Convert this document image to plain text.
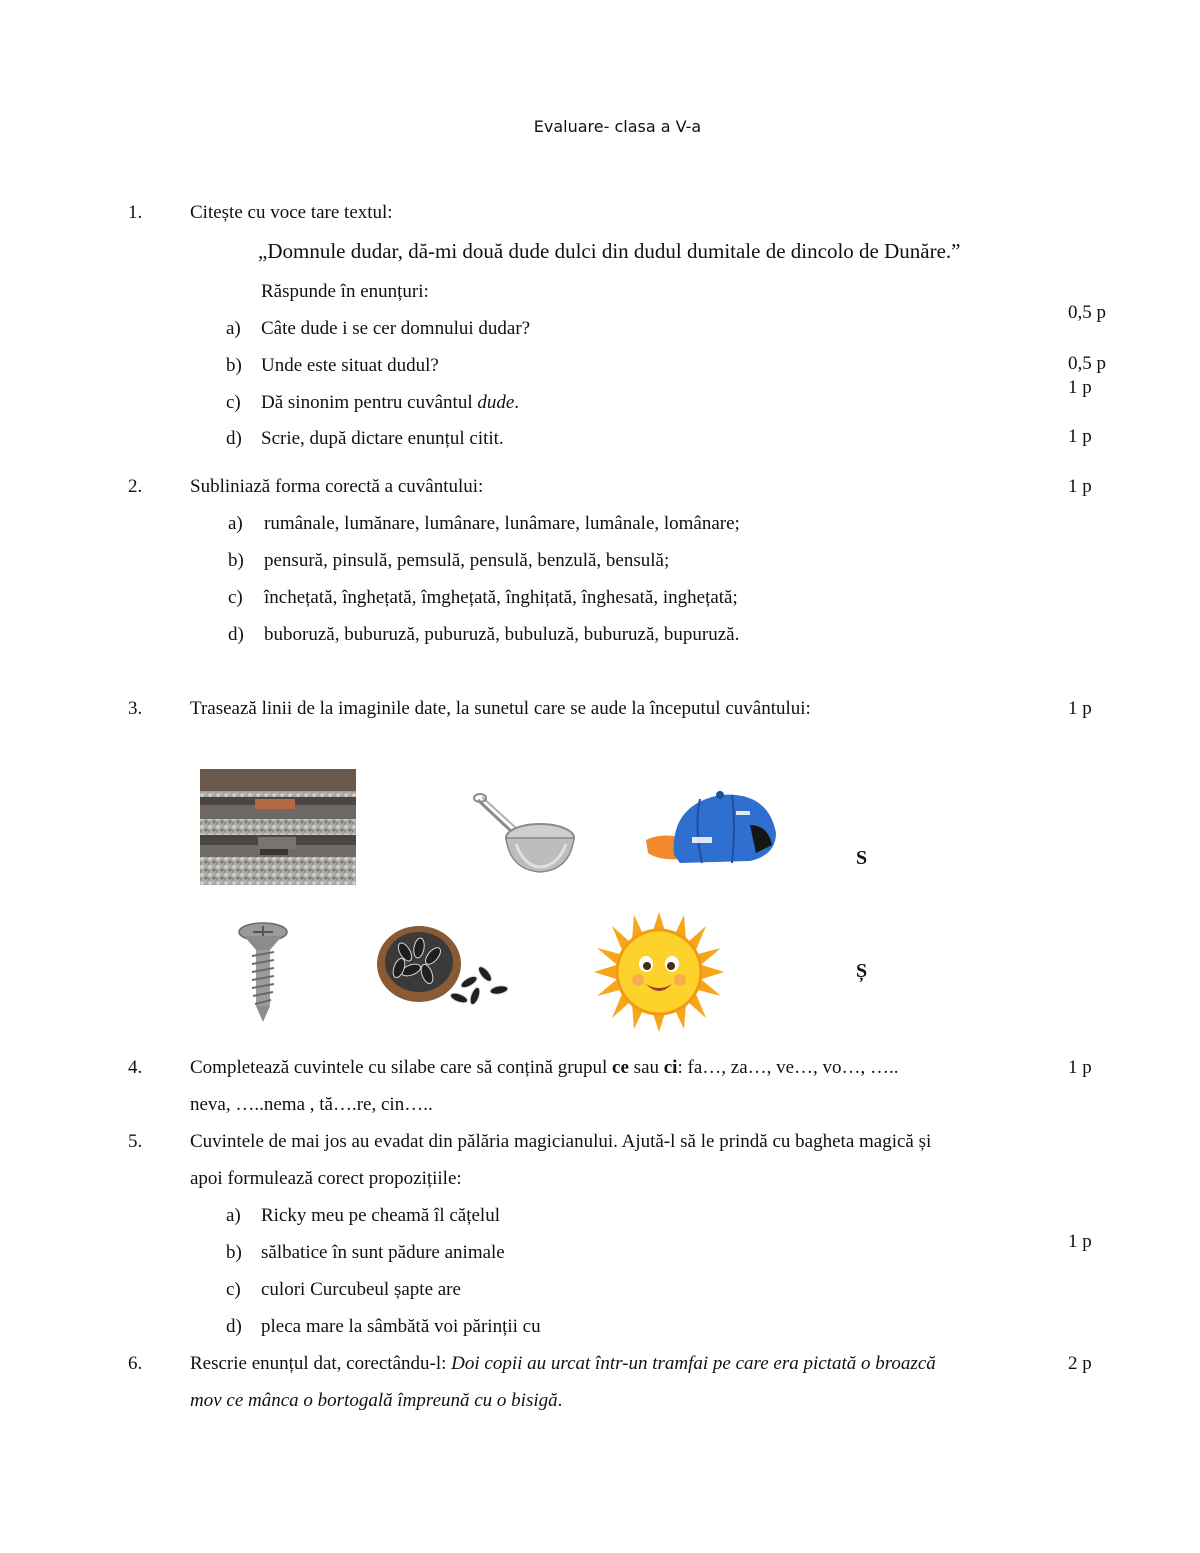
Evaluare- clasa a V-a
1.	Citește cu voce tare textul:
„Domnule dudar, dă-mi două dude dulci din dudul dumitale de dincolo de Dunăre.”
Răspunde în enunțuri:
a) Câte dude i se cer domnului dudar?
0,5 p
b) Unde este situat dudul?	0,5 p
c) Dă sinonim pentru cuvântul dude.
1 p
d) Scrie, după dictare enunțul citit.	1 p
2.	Subliniază forma corectă a cuvântului:	1 p
a) rumânale, lumănare, lumânare, lunâmare, lumânale, lomânare;
b) pensură, pinsulă, pemsulă, pensulă, benzulă, bensulă;
c) închețată, înghețată, îmghețată, înghițată, înghesată, inghețată;
d) buboruză, buburuză, puburuză, bubuluză, buburuză, bupuruză.
3.	Trasează linii de la imaginile date, la sunetul care se aude la începutul cuvântului:	1 p
S
Ș
4.	Completează cuvintele cu silabe care să conțină grupul ce sau ci: fa…, za…, ve…, vo…, …..	1 p
neva, …..nema , tă….re, cin…..
5.	Cuvintele de mai jos au evadat din pălăria magicianului. Ajută-l să le prindă cu bagheta magică și
apoi formulează corect propozițiile:
1 p
a) Ricky meu pe cheamă îl cățelul
b) sălbatice în sunt pădure animale
c) culori Curcubeul șapte are
d) pleca mare la sâmbătă voi părinții cu
6.	Rescrie enunțul dat, corectându-l: Doi copii au urcat într-un tramfai pe care era pictată o broazcă	2 p
mov ce mânca o bortogală împreună cu o bisigă.
